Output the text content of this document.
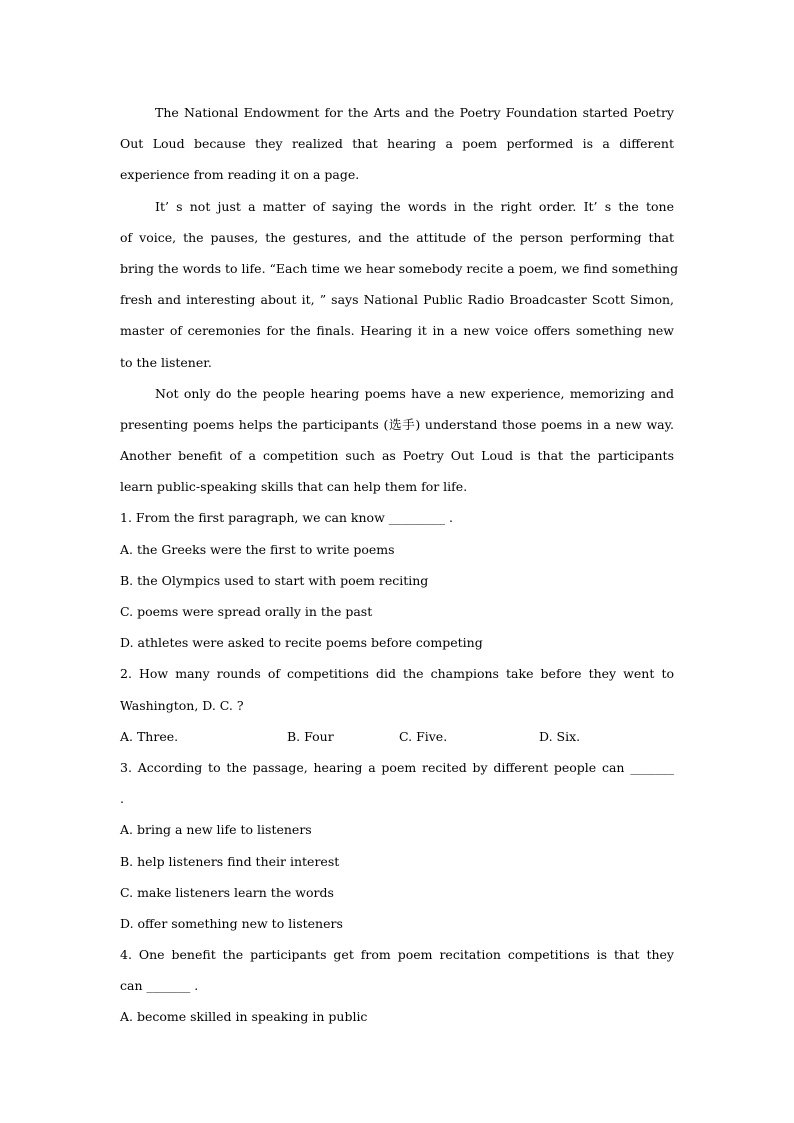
The National Endowment for the Arts and the Poetry Foundation started Poetry
Out Loud because they realized that hearing a poem performed is a different
experience from reading it on a page.
It’ s not just a matter of saying the words in the right order. It’ s the tone
of voice, the pauses, the gestures, and the attitude of the person performing that
bring the words to life. “Each time we hear somebody recite a poem, we find something
fresh and interesting about it, ” says National Public Radio Broadcaster Scott Simon,
master of ceremonies for the finals. Hearing it in a new voice offers something new
to the listener.
Not only do the people hearing poems have a new experience, memorizing and
presenting poems helps the participants (选手) understand those poems in a new way.
Another benefit of a competition such as Poetry Out Loud is that the participants
learn public-speaking skills that can help them for life.
1. From the first paragraph, we can know _________ .
A. the Greeks were the first to write poems
B. the Olympics used to start with poem reciting
C. poems were spread orally in the past
D. athletes were asked to recite poems before competing
2. How many rounds of competitions did the champions take before they went to
Washington, D. C. ?
A. Three.	B. Four	C. Five.	D. Six.
3. According to the passage, hearing a poem recited by different people can _______
.
A. bring a new life to listeners
B. help listeners find their interest
C. make listeners learn the words
D. offer something new to listeners
4. One benefit the participants get from poem recitation competitions is that they
can _______ .
A. become skilled in speaking in public
